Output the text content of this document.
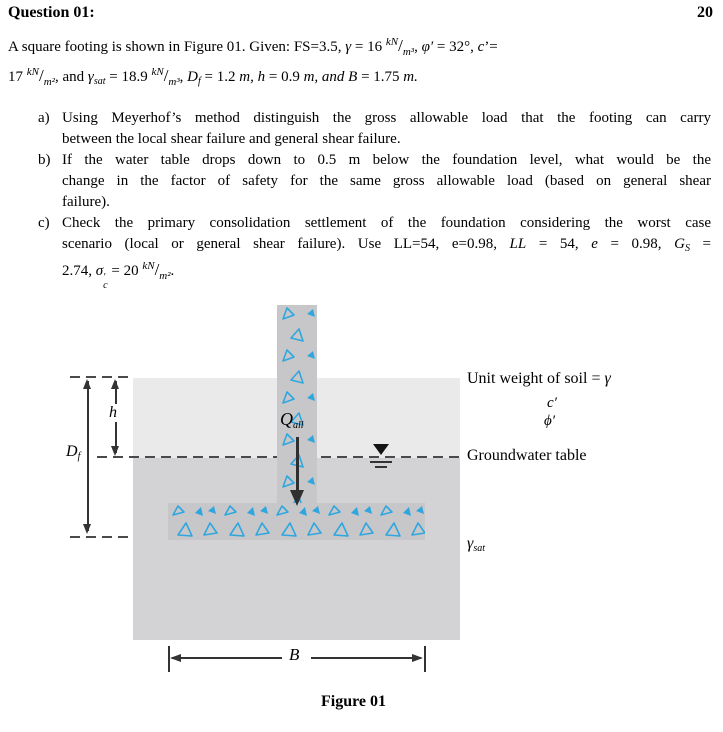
Question 01:	20
A square footing is shown in Figure 01. Given: FS=3.5, γ = 16 $^{kN}/_{m^3}$, φ′ = 32°, c’=
17 $^{kN}/_{m^2}$, and $\gamma_{sat} = 18.9$ $^{kN}/_{m^3}$, $D_f = 1.2$ m, h = 0.9 m, and B = 1.75 m.
a) Using Meyerhof’s method distinguish the gross allowable load that the footing can carry
between the local shear failure and general shear failure.
b) If the water table drops down to 0.5 m below the foundation level, what would be the
change in the factor of safety for the same gross allowable load (based on general shear
failure).
c) Check the primary consolidation settlement of the foundation considering the worst case
scenario (local or general shear failure). Use LL=54, e=0.98, LL = 54, e = 0.98, $G_S$ =
2.74, σ ′
c
= 20 $^{kN}/_{m^2}$.
Df
h	Qall
Unit weight of soil = γ
c′
ϕ′
Groundwater table
γsat
B
Figure 01
